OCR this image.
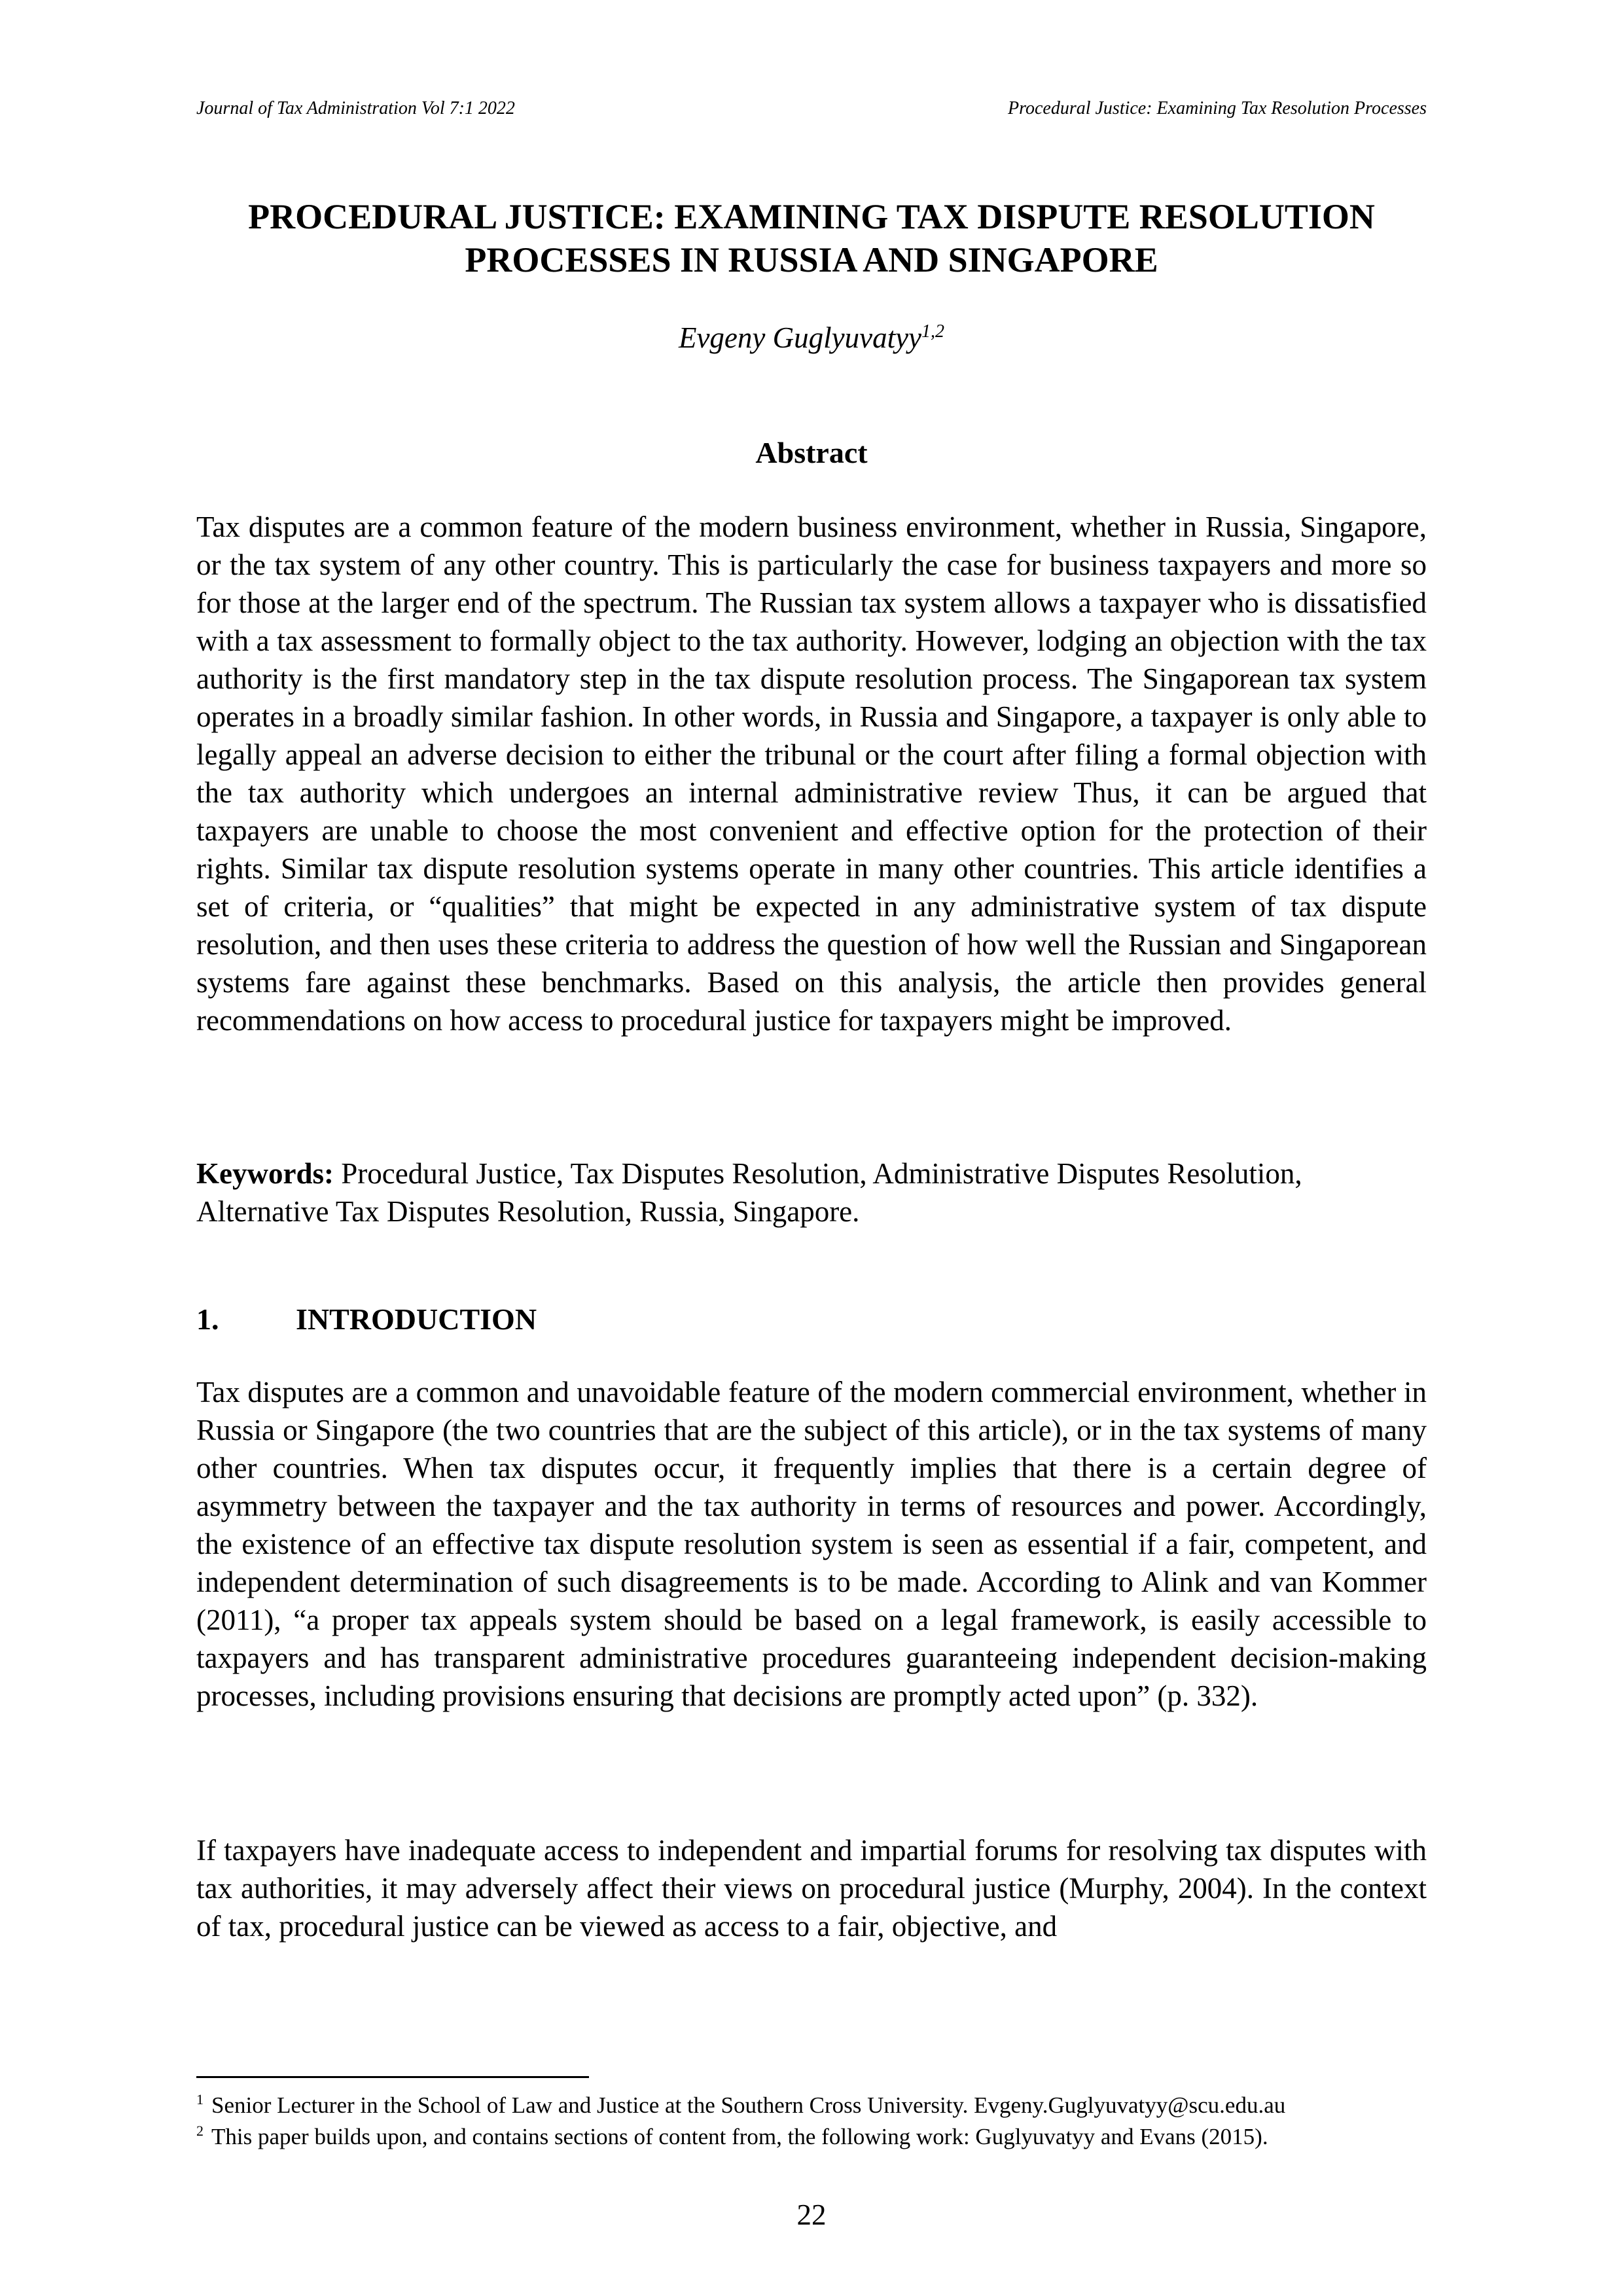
Journal of Tax Administration Vol 7:1 2022	Procedural Justice: Examining Tax Resolution Processes
PROCEDURAL JUSTICE: EXAMINING TAX DISPUTE RESOLUTION
PROCESSES IN RUSSIA AND SINGAPORE
Evgeny Guglyuvatyy$^{1,2}$
Abstract

Tax disputes are a common feature of the modern business environment, whether in Russia, Singapore, or the tax system of any other country. This is particularly the case for business taxpayers and more so for those at the larger end of the spectrum. The Russian tax system allows a taxpayer who is dissatisfied with a tax assessment to formally object to the tax authority. However, lodging an objection with the tax authority is the first mandatory step in the tax dispute resolution process. The Singaporean tax system operates in a broadly similar fashion. In other words, in Russia and Singapore, a taxpayer is only able to legally appeal an adverse decision to either the tribunal or the court after filing a formal objection with the tax authority which undergoes an internal administrative review Thus, it can be argued that taxpayers are unable to choose the most convenient and effective option for the protection of their rights. Similar tax dispute resolution systems operate in many other countries. This article identifies a set of criteria, or “qualities” that might be expected in any administrative system of tax dispute resolution, and then uses these criteria to address the question of how well the Russian and Singaporean systems fare against these benchmarks. Based on this analysis, the article then provides general recommendations on how access to procedural justice for taxpayers might be improved.

Keywords: Procedural Justice, Tax Disputes Resolution, Administrative Disputes Resolution, Alternative Tax Disputes Resolution, Russia, Singapore.

1.	INTRODUCTION

Tax disputes are a common and unavoidable feature of the modern commercial environment, whether in Russia or Singapore (the two countries that are the subject of this article), or in the tax systems of many other countries. When tax disputes occur, it frequently implies that there is a certain degree of asymmetry between the taxpayer and the tax authority in terms of resources and power. Accordingly, the existence of an effective tax dispute resolution system is seen as essential if a fair, competent, and independent determination of such disagreements is to be made. According to Alink and van Kommer (2011), “a proper tax appeals system should be based on a legal framework, is easily accessible to taxpayers and has transparent administrative procedures guaranteeing independent decision-making processes, including provisions ensuring that decisions are promptly acted upon” (p. 332).

If taxpayers have inadequate access to independent and impartial forums for resolving tax disputes with tax authorities, it may adversely affect their views on procedural justice (Murphy, 2004). In the context of tax, procedural justice can be viewed as access to a fair, objective, and

$^1$ Senior Lecturer in the School of Law and Justice at the Southern Cross University. Evgeny.Guglyuvatyy@scu.edu.au

$^2$ This paper builds upon, and contains sections of content from, the following work: Guglyuvatyy and Evans (2015).

22
